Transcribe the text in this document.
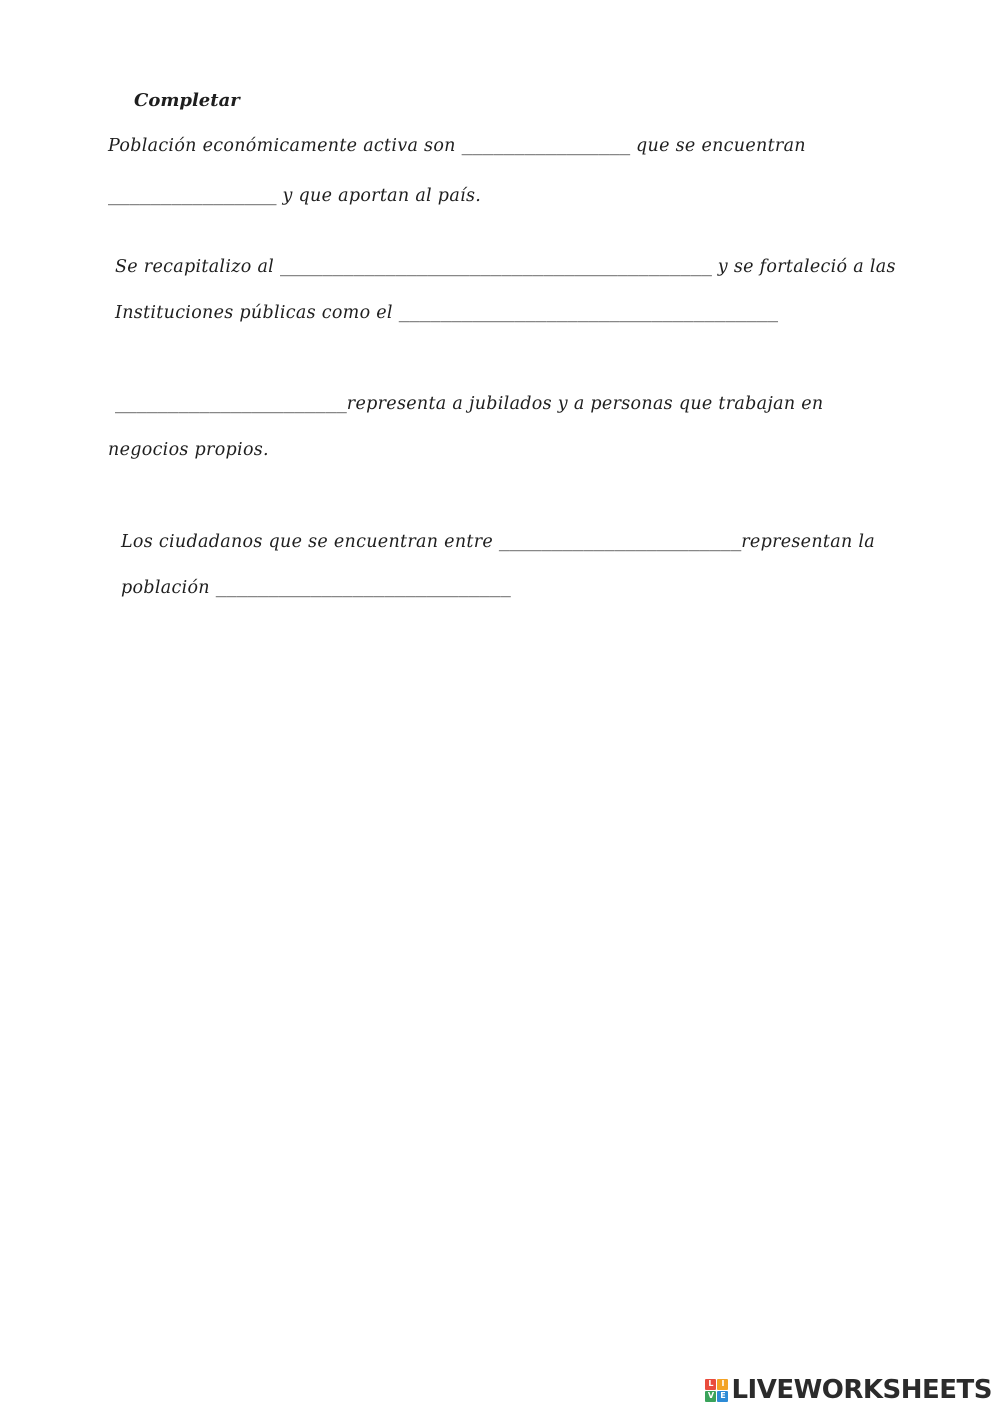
Completar
Población económicamente activa son ________________ que se encuentran
________________ y que aportan al país.
Se recapitalizo al _________________________________________ y se fortaleció a las
Instituciones públicas como el ____________________________________
______________________representa a jubilados y a personas que trabajan en
negocios propios.
Los ciudadanos que se encuentran entre _______________________representan la
población ____________________________
L I
V E LIVEWORKSHEETS
